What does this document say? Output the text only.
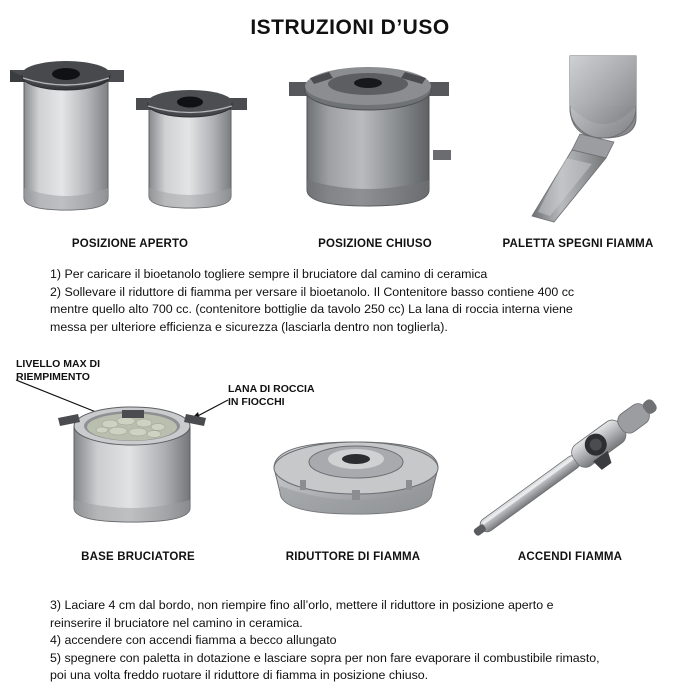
ISTRUZIONI D’USO
POSIZIONE APERTO	POSIZIONE CHIUSO	PALETTA SPEGNI FIAMMA
1) Per caricare il bioetanolo togliere sempre il bruciatore dal camino di ceramica
2) Sollevare il riduttore di fiamma per versare il bioetanolo. Il Contenitore basso contiene 400 cc
mentre quello alto 700 cc. (contenitore bottiglie da tavolo 250 cc) La lana di roccia interna viene
messa per ulteriore efficienza e sicurezza (lasciarla dentro non toglierla).
LIVELLO MAX DI
RIEMPIMENTO
LANA DI ROCCIA
IN FIOCCHI
BASE BRUCIATORE	RIDUTTORE DI FIAMMA	ACCENDI FIAMMA
3) Laciare 4 cm dal bordo, non riempire fino all’orlo, mettere il riduttore in posizione aperto e
reinserire il bruciatore nel camino in ceramica.
4) accendere con accendi fiamma a becco allungato
5) spegnere con paletta in dotazione e lasciare sopra per non fare evaporare il combustibile rimasto,
poi una volta freddo ruotare il riduttore di fiamma in posizione chiuso.
